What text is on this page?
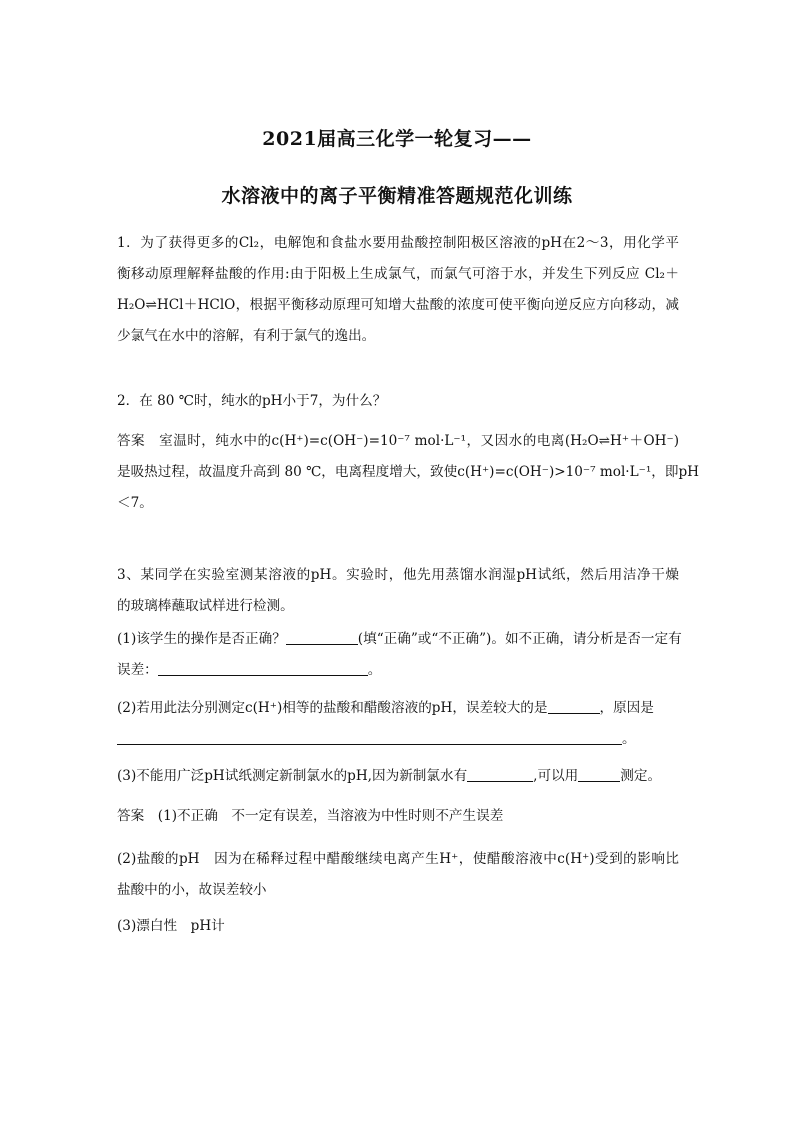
2021届高三化学一轮复习——
水溶液中的离子平衡精准答题规范化训练
1．为了获得更多的Cl₂，电解饱和食盐水要用盐酸控制阳极区溶液的pH在2～3，用化学平
衡移动原理解释盐酸的作用:由于阳极上生成氯气，而氯气可溶于水，并发生下列反应 Cl₂＋
H₂O⇌HCl＋HClO，根据平衡移动原理可知增大盐酸的浓度可使平衡向逆反应方向移动，减
少氯气在水中的溶解，有利于氯气的逸出。
2．在 80 ℃时，纯水的pH小于7，为什么？
答案　室温时，纯水中的c(H⁺)=c(OH⁻)=10⁻⁷ mol·L⁻¹，又因水的电离(H₂O⇌H⁺＋OH⁻)
是吸热过程，故温度升高到 80 ℃，电离程度增大，致使c(H⁺)=c(OH⁻)>10⁻⁷ mol·L⁻¹，即pH
＜7。
3、某同学在实验室测某溶液的pH。实验时，他先用蒸馏水润湿pH试纸，然后用洁净干燥
的玻璃棒蘸取试样进行检测。
(1)该学生的操作是否正确？	(填“正确”或“不正确”)。如不正确，请分析是否一定有
误差：	。
(2)若用此法分别测定c(H⁺)相等的盐酸和醋酸溶液的pH，误差较大的是	，原因是
。
(3)不能用广泛pH试纸测定新制氯水的pH,因为新制氯水有	,可以用	测定。
答案　(1)不正确　不一定有误差，当溶液为中性时则不产生误差
(2)盐酸的pH　因为在稀释过程中醋酸继续电离产生H⁺，使醋酸溶液中c(H⁺)受到的影响比
盐酸中的小，故误差较小
(3)漂白性　pH计
